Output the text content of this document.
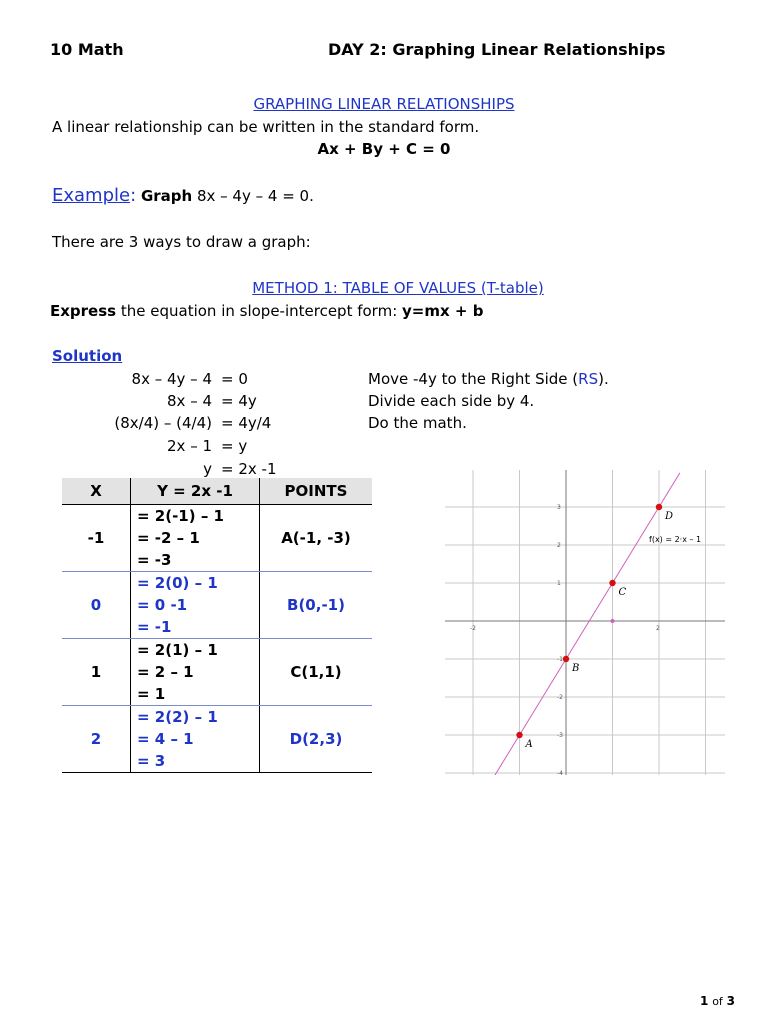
10 Math	DAY 2: Graphing Linear Relationships
GRAPHING LINEAR RELATIONSHIPS
A linear relationship can be written in the standard form.
Ax + By + C = 0
Example: Graph 8x – 4y – 4 = 0.
There are 3 ways to draw a graph:
METHOD 1: TABLE OF VALUES (T-table)
Express the equation in slope-intercept form: y=mx + b
Solution
8x – 4y – 4 = 0	Move -4y to the Right Side (RS).
8x – 4 = 4y	Divide each side by 4.
(8x/4) – (4/4) = 4y/4	Do the math.
2x – 1 = y
y = 2x -1
X	Y = 2x -1	POINTS
-1	= 2(-1) – 1
= -2 – 1
= -3	A(-1, -3)
0	= 2(0) – 1
= 0 -1
= -1	B(0,-1)
1	= 2(1) – 1
= 2 – 1
= 1	C(1,1)
2	= 2(2) – 1
= 4 – 1
= 3	D(2,3)
-2	2
3
2
1
-1
-2
-3
-4
A
B
C
D
f(x) = 2·x – 1
1 of 3
